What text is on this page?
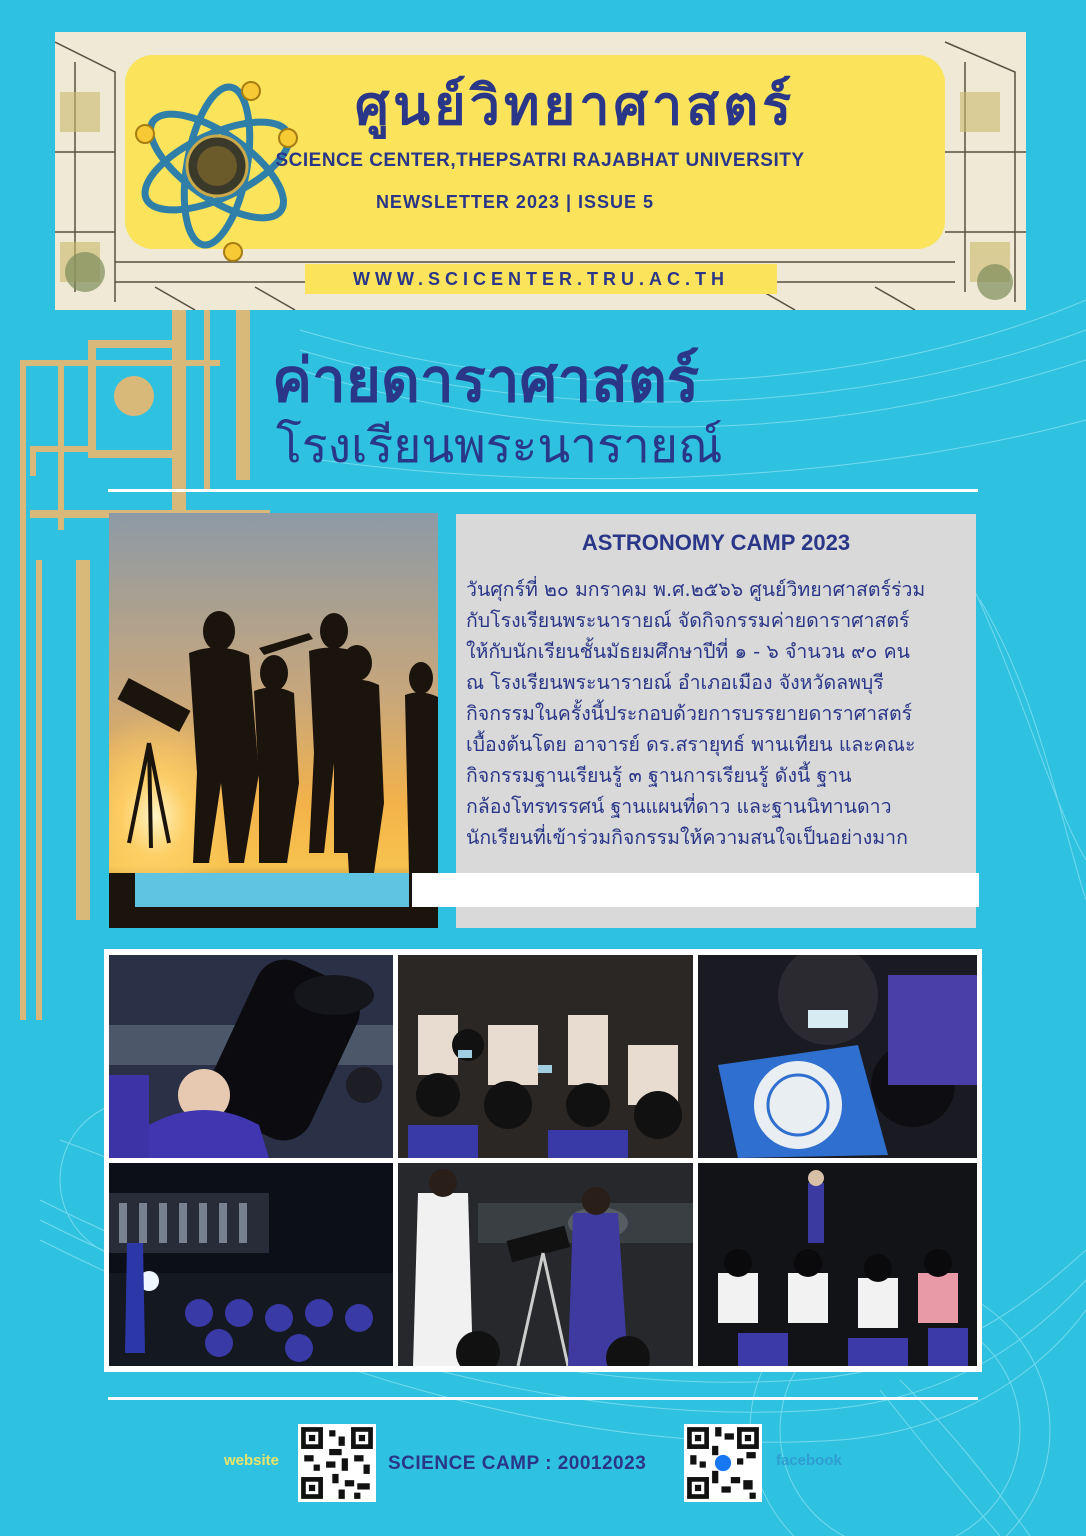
ศูนย์วิทยาศาสตร์
SCIENCE CENTER,THEPSATRI RAJABHAT UNIVERSITY
NEWSLETTER 2023 | ISSUE 5
WWW.SCICENTER.TRU.AC.TH
ค่ายดาราศาสตร์
โรงเรียนพระนารายณ์
ASTRONOMY CAMP 2023
วันศุกร์ที่ ๒๐ มกราคม พ.ศ.๒๕๖๖ ศูนย์วิทยาศาสตร์ร่วม
กับโรงเรียนพระนารายณ์ จัดกิจกรรมค่ายดาราศาสตร์
ให้กับนักเรียนชั้นมัธยมศึกษาปีที่ ๑ - ๖ จำนวน ๙๐ คน
ณ โรงเรียนพระนารายณ์ อำเภอเมือง จังหวัดลพบุรี
กิจกรรมในครั้งนี้ประกอบด้วยการบรรยายดาราศาสตร์
เบื้องต้นโดย อาจารย์ ดร.สรายุทธ์ พานเทียน และคณะ
กิจกรรมฐานเรียนรู้ ๓ ฐานการเรียนรู้ ดังนี้ ฐาน
กล้องโทรทรรศน์ ฐานแผนที่ดาว และฐานนิทานดาว
นักเรียนที่เข้าร่วมกิจกรรมให้ความสนใจเป็นอย่างมาก
website	SCIENCE CAMP : 20012023	facebook
